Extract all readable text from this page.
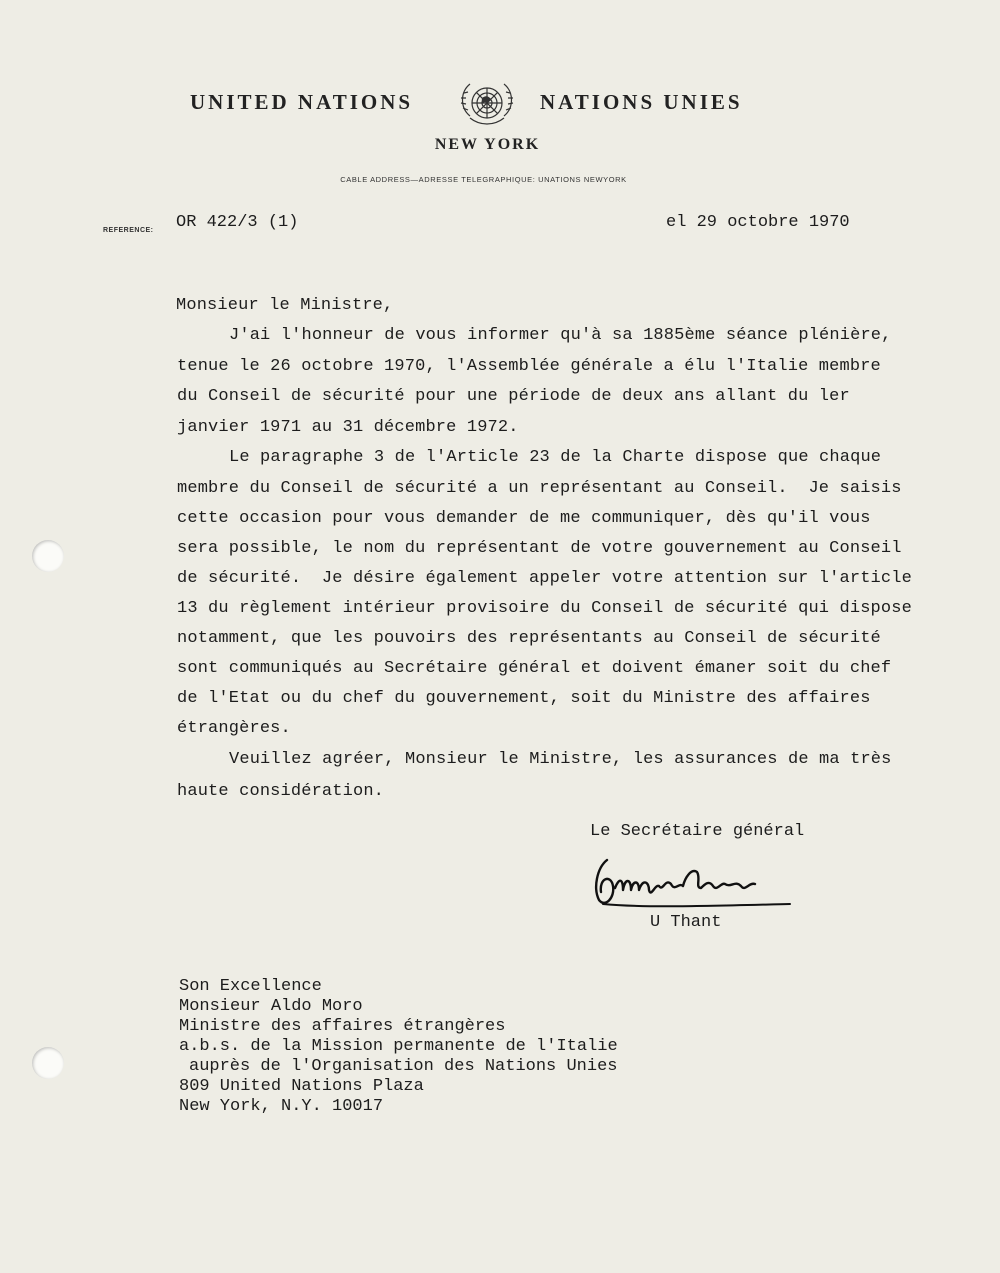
UNITED NATIONS	NATIONS UNIES
NEW YORK
CABLE ADDRESS—ADRESSE TELEGRAPHIQUE: UNATIONS NEWYORK
REFERENCE: OR 422/3 (1)	el 29 octobre 1970
Monsieur le Ministre,
J'ai l'honneur de vous informer qu'à sa 1885ème séance plénière,
tenue le 26 octobre 1970, l'Assemblée générale a élu l'Italie membre
du Conseil de sécurité pour une période de deux ans allant du ler
janvier 1971 au 31 décembre 1972.
Le paragraphe 3 de l'Article 23 de la Charte dispose que chaque
membre du Conseil de sécurité a un représentant au Conseil.  Je saisis
cette occasion pour vous demander de me communiquer, dès qu'il vous
sera possible, le nom du représentant de votre gouvernement au Conseil
de sécurité.  Je désire également appeler votre attention sur l'article
13 du règlement intérieur provisoire du Conseil de sécurité qui dispose
notamment, que les pouvoirs des représentants au Conseil de sécurité
sont communiqués au Secrétaire général et doivent émaner soit du chef
de l'Etat ou du chef du gouvernement, soit du Ministre des affaires
étrangères.
Veuillez agréer, Monsieur le Ministre, les assurances de ma très
haute considération.
Le Secrétaire général
U Thant
Son Excellence
Monsieur Aldo Moro
Ministre des affaires étrangères
a.b.s. de la Mission permanente de l'Italie
auprès de l'Organisation des Nations Unies
809 United Nations Plaza
New York, N.Y. 10017
